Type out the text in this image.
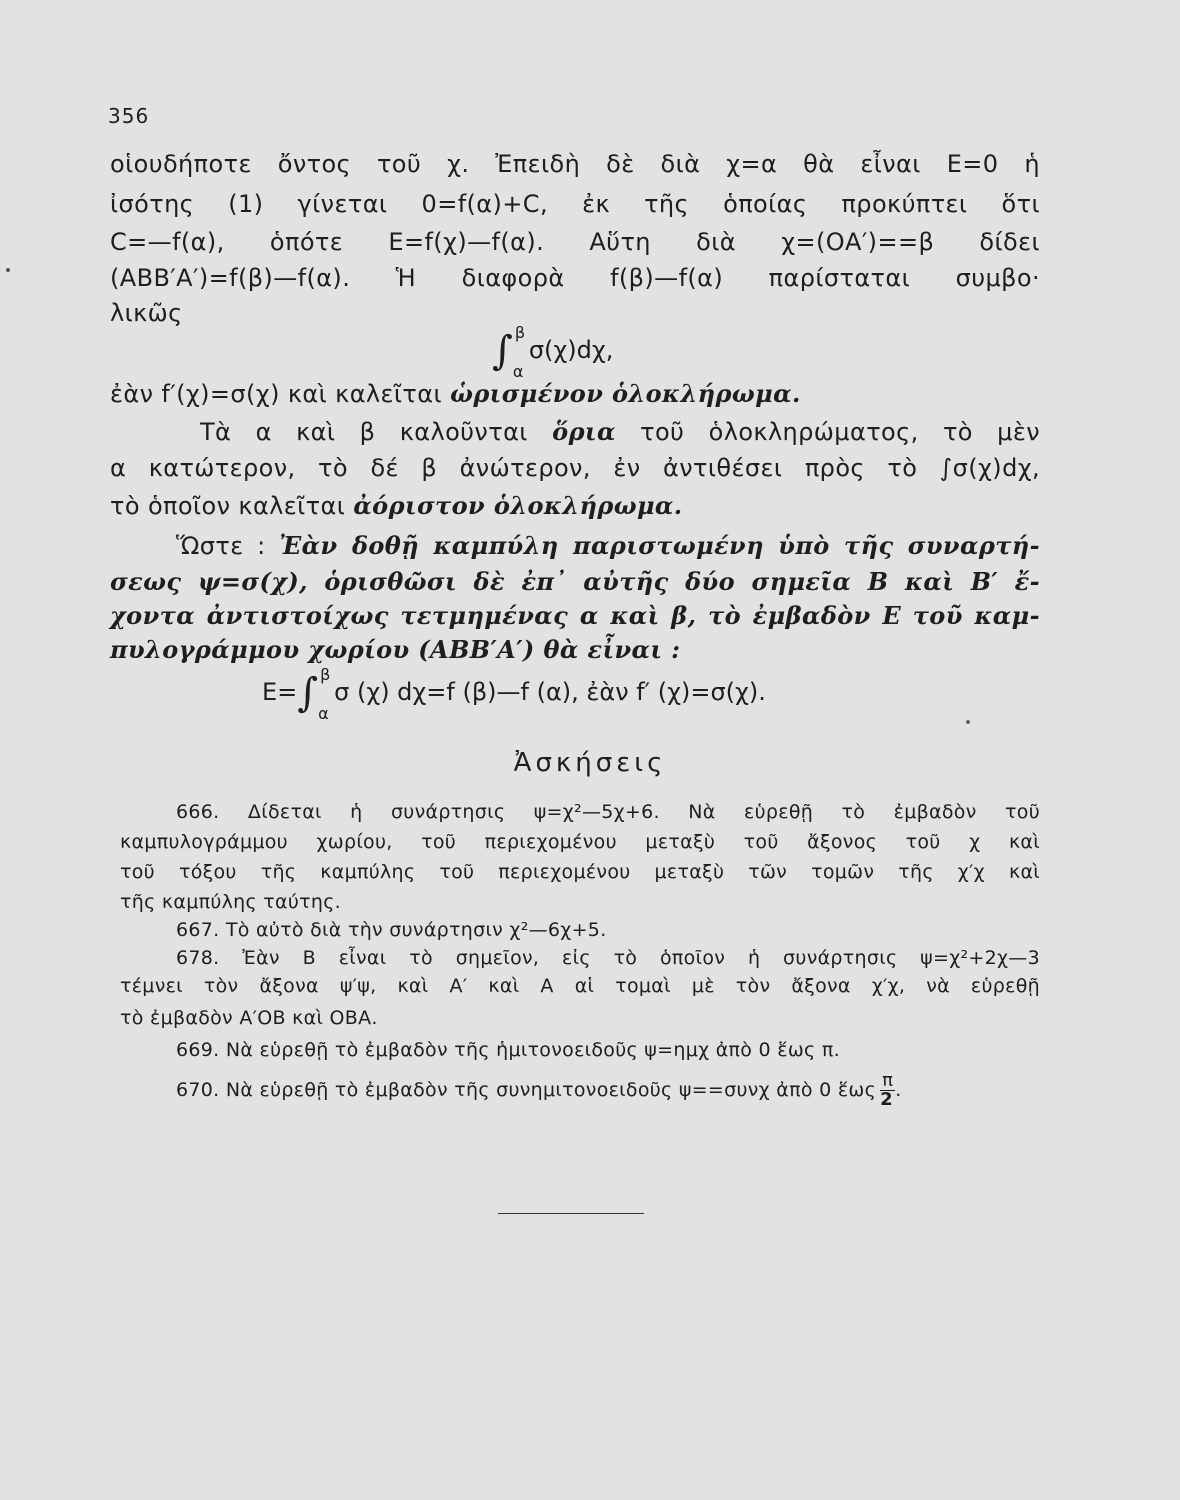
356
οἱουδήποτε ὄντος τοῦ χ. Ἐπειδὴ δὲ διὰ χ=α θὰ εἶναι Ε=0 ἡ
ἰσότης (1) γίνεται 0=f(α)+C, ἐκ τῆς ὁποίας προκύπτει ὅτι
C=—f(α), ὁπότε Ε=f(χ)—f(α). Αὕτη διὰ χ=(ΟΑ′)==β δίδει
(ΑΒΒ′Α′)=f(β)—f(α). Ἡ διαφορὰ f(β)—f(α) παρίσταται συμβο·
λικῶς
∫ β
α
σ(χ)dχ,
ἐὰν f′(χ)=σ(χ) καὶ καλεῖται ὡρισμένον ὁλοκλήρωμα.
Τὰ α καὶ β καλοῦνται ὅρια τοῦ ὁλοκληρώματος, τὸ μὲν
α κατώτερον, τὸ δέ β ἀνώτερον, ἐν ἀντιθέσει πρὸς τὸ ∫σ(χ)dχ,
τὸ ὁποῖον καλεῖται ἀόριστον ὁλοκλήρωμα.
Ὥστε : Ἐὰν δοθῇ καμπύλη παριστωμένη ὑπὸ τῆς συναρτή-
σεως ψ=σ(χ), ὁρισθῶσι δὲ ἐπ᾽ αὐτῆς δύο σημεῖα Β καὶ Β′ ἔ-
χοντα ἀντιστοίχως τετμημένας α καὶ β, τὸ ἐμβαδὸν Ε τοῦ καμ-
πυλογράμμου χωρίου (ΑΒΒ′Α′) θὰ εἶναι :
Ε=∫ β
α
σ (χ) dχ=f (β)—f (α), ἐὰν f′ (χ)=σ(χ).
Ἀσκήσεις
666. Δίδεται ἡ συνάρτησις ψ=χ²—5χ+6. Νὰ εὑρεθῇ τὸ ἐμβαδὸν τοῦ
καμπυλογράμμου χωρίου, τοῦ περιεχομένου μεταξὺ τοῦ ἄξονος τοῦ χ καὶ
τοῦ τόξου τῆς καμπύλης τοῦ περιεχομένου μεταξὺ τῶν τομῶν τῆς χ′χ καὶ
τῆς καμπύλης ταύτης.
667. Τὸ αὐτὸ διὰ τὴν συνάρτησιν χ²—6χ+5.
678. Ἐὰν Β εἶναι τὸ σημεῖον, εἰς τὸ ὁποῖον ἡ συνάρτησις ψ=χ²+2χ—3
τέμνει τὸν ἄξονα ψ′ψ, καὶ Α′ καὶ Α αἱ τομαὶ μὲ τὸν ἄξονα χ′χ, νὰ εὑρεθῇ
τὸ ἐμβαδὸν Α′ΟΒ καὶ ΟΒΑ.
669. Νὰ εὑρεθῇ τὸ ἐμβαδὸν τῆς ἡμιτονοειδοῦς ψ=ημχ ἀπὸ 0 ἕως π.
670. Νὰ εὑρεθῇ τὸ ἐμβαδὸν τῆς συνημιτονοειδοῦς ψ==συνχ ἀπὸ 0 ἕως $\frac{\pi}{2}$ .
